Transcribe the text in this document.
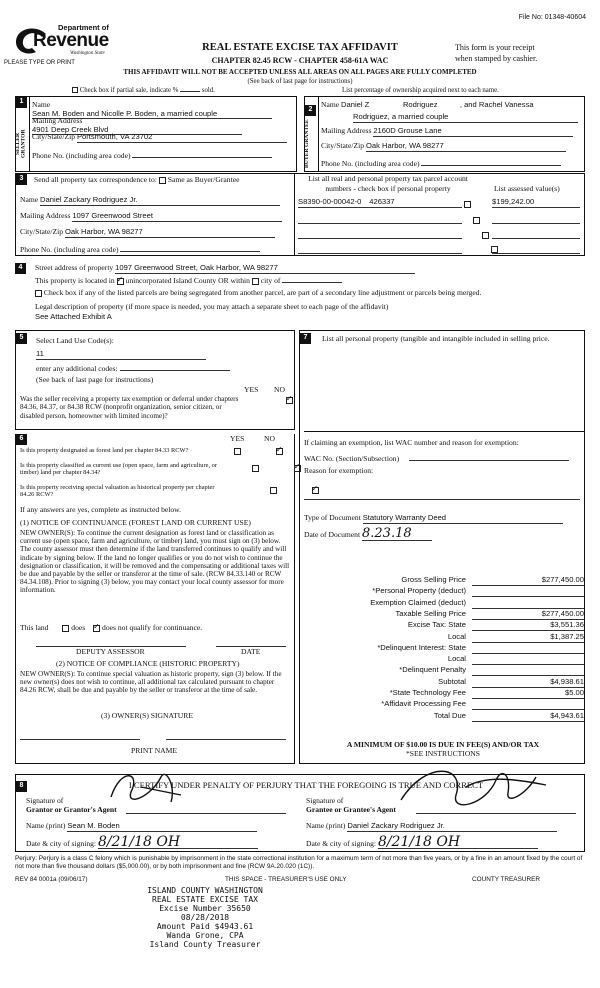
File No: 01348-40604
Department of
Revenue
Washington State
PLEASE TYPE OR PRINT
REAL ESTATE EXCISE TAX AFFIDAVIT
CHAPTER 82.45 RCW - CHAPTER 458-61A WAC
This form is your receipt
when stamped by cashier.
THIS AFFIDAVIT WILL NOT BE ACCEPTED UNLESS ALL AREAS ON ALL PAGES ARE FULLY COMPLETED
(See back of last page for instructions)
Check box if partial sale, indicate %	sold.	List percentage of ownership acquired next to each name.
1
SELLER GRANTOR
Name Sean M. Boden and Nicolle P. Boden, a married couple
Mailing Address 4901 Deep Creek Blvd
City/State/Zip Portsmouth, VA 23702
Phone No. (including area code)
2
BUYER GRANTEE
Name Daniel Z	Rodriguez	, and Rachel Vanessa
Rodriguez, a married couple
Mailing Address 2160D Grouse Lane
City/State/Zip Oak Harbor, WA 98277
Phone No. (including area code)
3	Send all property tax correspondence to: Same as Buyer/Grantee
Name Daniel Zackary Rodriguez Jr.
Mailing Address 1097 Greenwood Street
City/State/Zip Oak Harbor, WA 98277
Phone No. (including area code)
List all real and personal property tax parcel account
numbers - check box if personal property	List assessed value(s)
S8390-00-00042-0 426337
	$199,242.00

4	Street address of property 1097 Greenwood Street, Oak Harbor, WA 98277
This property is located in ✓ unincorporated Island County OR within city of
Check box if any of the listed parcels are being segregated from another parcel, are part of a secondary line adjustment or parcels being merged.
Legal description of property (if more space is needed, you may attach a separate sheet to each page of the affidavit)
See Attached Exhibit A
5	Select Land Use Code(s):
11
enter any additional codes:
(See back of last page for instructions)
YES NO
Was the seller receiving a property tax exemption or deferral under chapters 84.36, 84.37, or 84.38 RCW (nonprofit organization, senior citizen, or disabled person, homeowner with limited income)?
✓
6	YES	NO
Is this property designated as forest land per chapter 84.33 RCW?
✓
Is this property classified as current use (open space, farm and agriculture, or timber) land per chapter 84.34?
✓
Is this property receiving special valuation as historical property per chapter 84.26 RCW?
✓
If any answers are yes, complete as instructed below.
(1) NOTICE OF CONTINUANCE (FOREST LAND OR CURRENT USE)
NEW OWNER(S): To continue the current designation as forest land or classification as current use (open space, farm and agriculture, or timber) land, you must sign on (3) below. The county assessor must then determine if the land transferred continues to qualify and will indicate by signing below. If the land no longer qualifies or you do not wish to continue the designation or classification, it will be removed and the compensating or additional taxes will be due and payable by the seller or transferor at the time of sale. (RCW 84.33.140 or RCW 84.34.108). Prior to signing (3) below, you may contact your local county assessor for more information.
This land	does ✓ does not qualify for continuance.
DEPUTY ASSESSOR	DATE
(2) NOTICE OF COMPLIANCE (HISTORIC PROPERTY)
NEW OWNER(S): To continue special valuation as historic property, sign (3) below. If the new owner(s) does not wish to continue, all additional tax calculated pursuant to chapter 84.26 RCW, shall be due and payable by the seller or transferor at the time of sale.
(3) OWNER(S) SIGNATURE
PRINT NAME
7	List all personal property (tangible and intangible included in selling price.
If claiming an exemption, list WAC number and reason for exemption:
WAC No. (Section/Subsection)
Reason for exemption:
Type of Document Statutory Warranty Deed
Date of Document 8.23.18
Gross Selling Price	$277,450.00
*Personal Property (deduct)
Exemption Claimed (deduct)
Taxable Selling Price	$277,450.00
Excise Tax: State	$3,551.36
Local	$1,387.25
*Delinquent Interest: State
Local
*Delinquent Penalty
Subtotal	$4,938.61
*State Technology Fee	$5.00
*Affidavit Processing Fee
Total Due	$4,943.61
A MINIMUM OF $10.00 IS DUE IN FEE(S) AND/OR TAX
*SEE INSTRUCTIONS
8	I CERTIFY UNDER PENALTY OF PERJURY THAT THE FOREGOING IS TRUE AND CORRECT
Signature of
Grantor or Grantor's Agent
Name (print) Sean M. Boden
Date & city of signing: 8/21/18 OH
Signature of
Grantee or Grantee's Agent
Name (print) Daniel Zackary Rodriguez Jr.
Date & city of signing: 8/21/18 OH
Perjury: Perjury is a class C felony which is punishable by imprisonment in the state correctional institution for a maximum term of not more than five years, or by a fine in an amount fixed by the court of not more than five thousand dollars ($5,000.00), or by both imprisonment and fine (RCW 9A.20.020 (1C)).
REV 84 0001a (09/06/17)	THIS SPACE - TREASURER'S USE ONLY	COUNTY TREASURER
ISLAND COUNTY WASHINGTON
REAL ESTATE EXCISE TAX
Excise Number 35650
08/28/2018
Amount Paid $4943.61
Wanda Grone, CPA
Island County Treasurer
